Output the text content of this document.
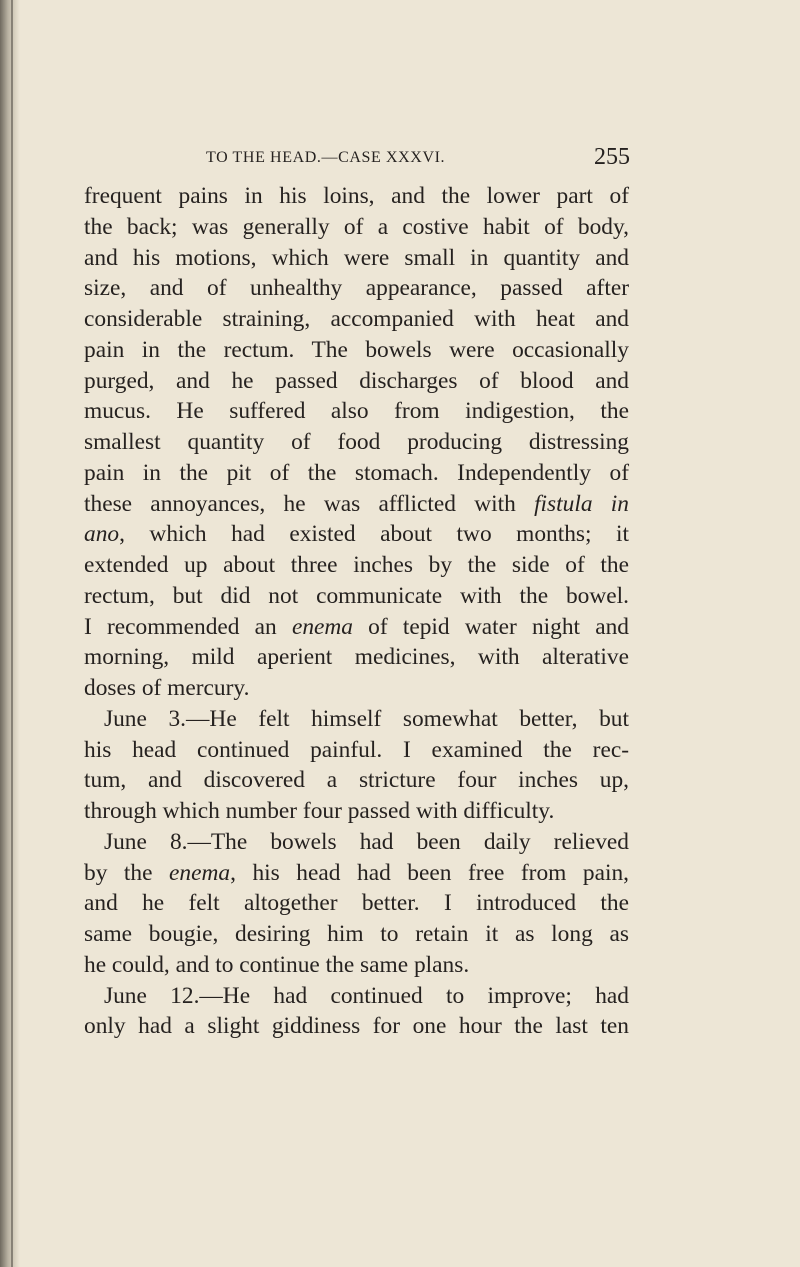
TO THE HEAD.—CASE XXXVI.	255
frequent pains in his loins, and the lower part of
the back; was generally of a costive habit of body,
and his motions, which were small in quantity and
size, and of unhealthy appearance, passed after
considerable straining, accompanied with heat and
pain in the rectum. The bowels were occasionally
purged, and he passed discharges of blood and
mucus. He suffered also from indigestion, the
smallest quantity of food producing distressing
pain in the pit of the stomach. Independently of
these annoyances, he was afflicted with fistula in
ano, which had existed about two months; it
extended up about three inches by the side of the
rectum, but did not communicate with the bowel.
I recommended an enema of tepid water night and
morning, mild aperient medicines, with alterative
doses of mercury.
June 3.—He felt himself somewhat better, but
his head continued painful. I examined the rec-
tum, and discovered a stricture four inches up,
through which number four passed with difficulty.
June 8.—The bowels had been daily relieved
by the enema, his head had been free from pain,
and he felt altogether better. I introduced the
same bougie, desiring him to retain it as long as
he could, and to continue the same plans.
June 12.—He had continued to improve; had
only had a slight giddiness for one hour the last ten
